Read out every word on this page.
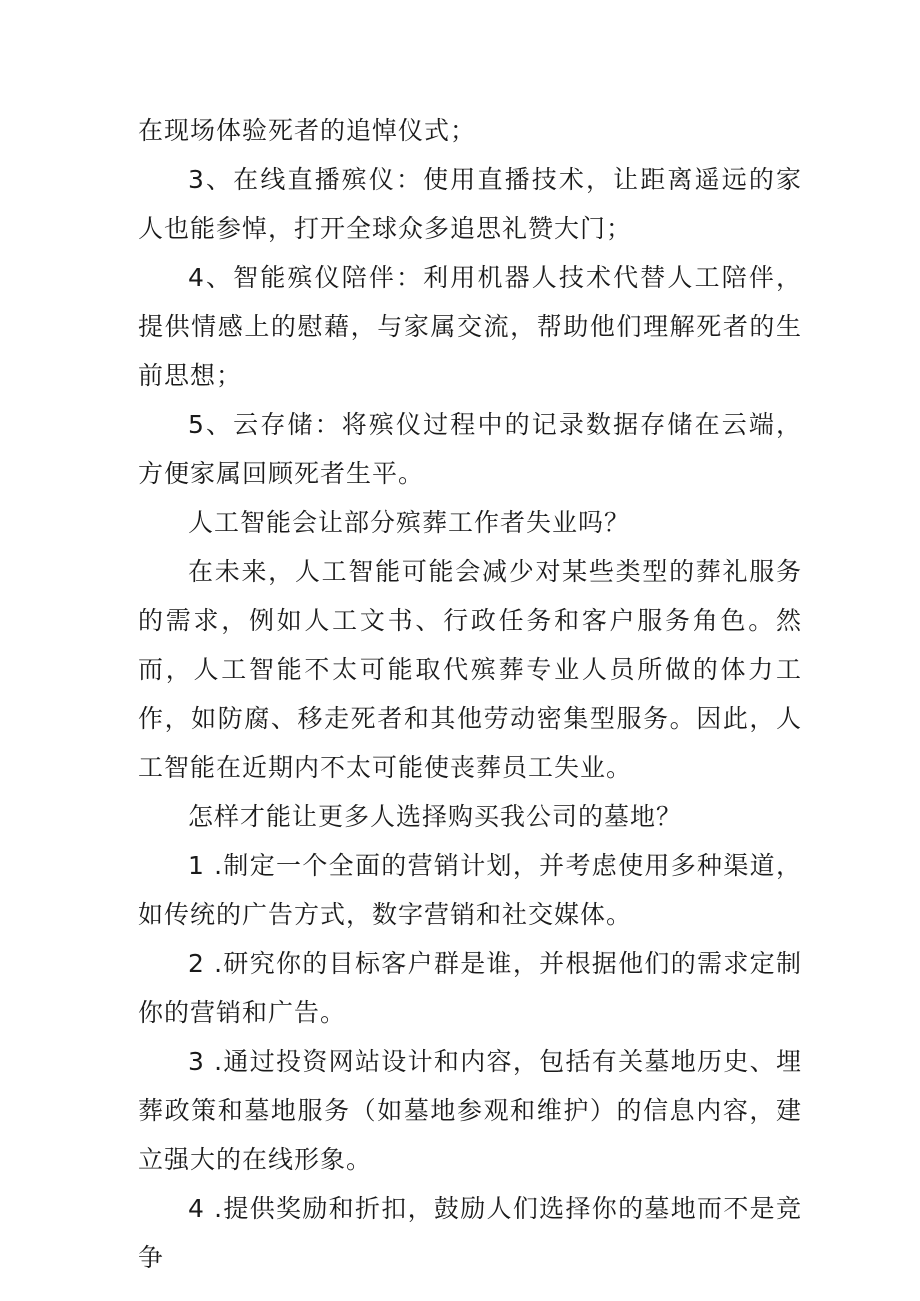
在现场体验死者的追悼仪式；

3、在线直播殡仪：使用直播技术，让距离遥远的家人也能参悼，打开全球众多追思礼赞大门；

4、智能殡仪陪伴：利用机器人技术代替人工陪伴，提供情感上的慰藉，与家属交流，帮助他们理解死者的生前思想；

5、云存储：将殡仪过程中的记录数据存储在云端，方便家属回顾死者生平。

人工智能会让部分殡葬工作者失业吗？

在未来，人工智能可能会减少对某些类型的葬礼服务的需求，例如人工文书、行政任务和客户服务角色。然而，人工智能不太可能取代殡葬专业人员所做的体力工作，如防腐、移走死者和其他劳动密集型服务。因此，人工智能在近期内不太可能使丧葬员工失业。

怎样才能让更多人选择购买我公司的墓地？

1 .制定一个全面的营销计划，并考虑使用多种渠道，如传统的广告方式，数字营销和社交媒体。

2 .研究你的目标客户群是谁，并根据他们的需求定制你的营销和广告。

3 .通过投资网站设计和内容，包括有关墓地历史、埋葬政策和墓地服务（如墓地参观和维护）的信息内容，建立强大的在线形象。

4 .提供奖励和折扣，鼓励人们选择你的墓地而不是竞争
